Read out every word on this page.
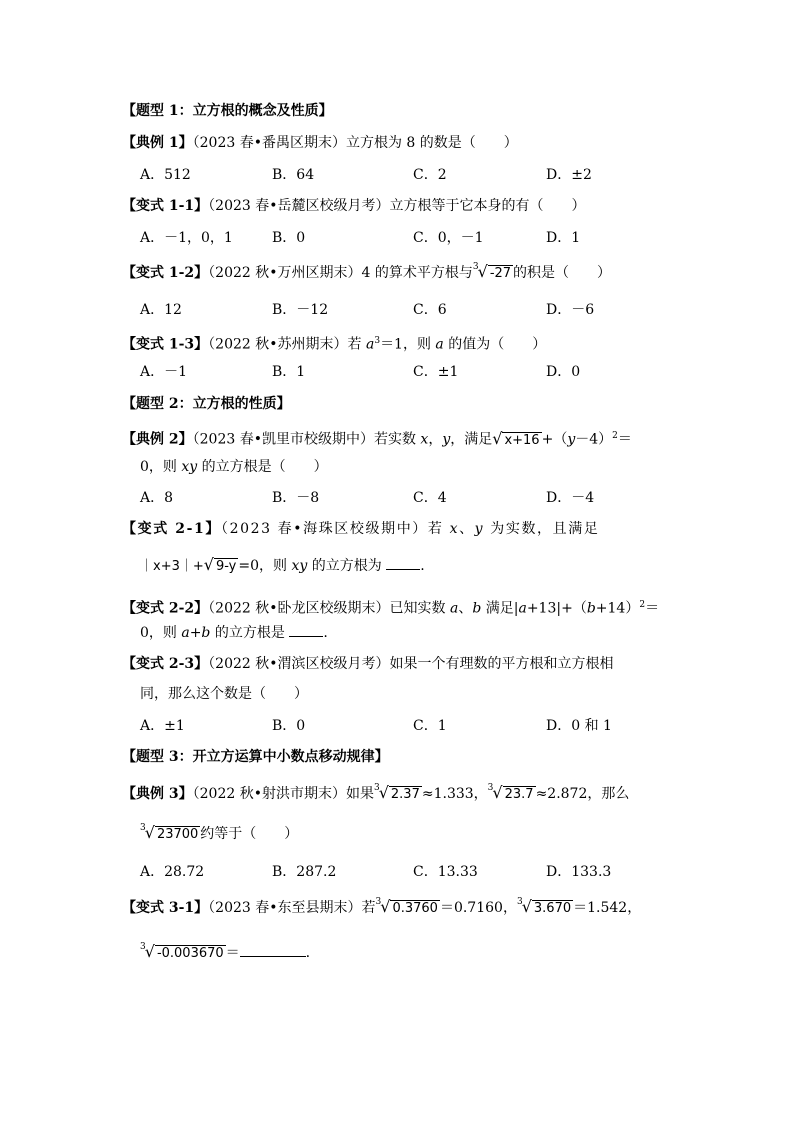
【题型 1：立方根的概念及性质】
【典例 1】（2023 春•番禺区期末）立方根为 8 的数是（　　）
A．512	B．64	C．2	D．±2
【变式 1-1】（2023 春•岳麓区校级月考）立方根等于它本身的有（　　）
A．－1，0，1	B．0	C．0，－1	D．1
【变式 1-2】（2022 秋•万州区期末）4 的算术平方根与$^3$√ -27 的积是（　　）
A．12	B．－12	C．6	D．－6
【变式 1-3】（2022 秋•苏州期末）若 $a^3=1$，则 a 的值为（　　）
A．－1	B．1	C．±1	D．0
【题型 2：立方根的性质】
【典例 2】（2023 春•凯里市校级期中）若实数 x，y，满足√ $x+16 +(y-4)^2=$
0，则 xy 的立方根是（　　）
A．8	B．－8	C．4	D．－4
【变式 2-1】（2023 春•海珠区校级期中）若 x、y 为实数，且满足
｜x+3｜+√ 9-y =0，则 xy 的立方根为	.
【变式 2-2】（2022 秋•卧龙区校级期末）已知实数 a、b 满足$|a+13|+(b+14)^2=$
0，则 a+b 的立方根是	.
【变式 2-3】（2022 秋•渭滨区校级月考）如果一个有理数的平方根和立方根相
同，那么这个数是（　　）
A．±1	B．0	C．1	D．0 和 1
【题型 3：开立方运算中小数点移动规律】
【典例 3】（2022 秋•射洪市期末）如果$^3$√ 2.37 ≈1.333，$^3$√ 23.7 ≈2.872，那么
$^3$√ 23700 约等于（　　）
A．28.72	B．287.2	C．13.33	D．133.3
【变式 3-1】（2023 春•东至县期末）若$^3$√ 0.3760 ＝0.7160，$^3$√ 3.670 ＝1.542，
$^3$√ -0.003670 ＝	.
